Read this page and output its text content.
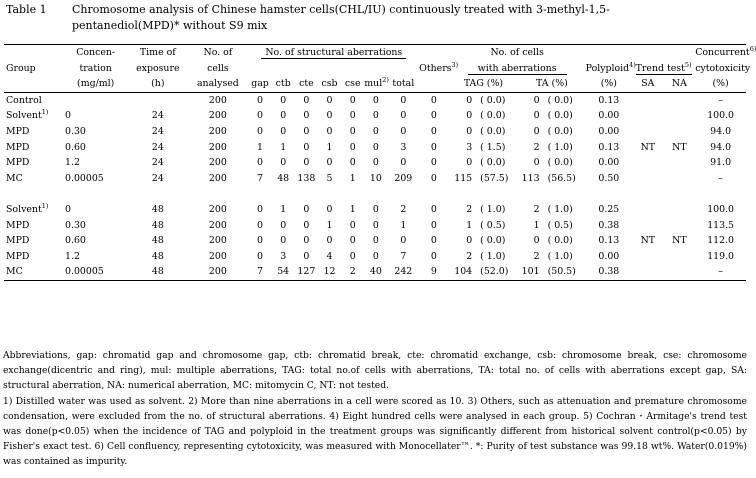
Table 1 Chromosome analysis of Chinese hamster cells(CHL/IU) continuously treated with 3-methyl-1,5-
pentanediol(MPD)* without S9 mix
	Concen-	Time of	No. of	No. of structural aberrations								No. of cells							Concurrent$^{6)}$
Group	tration	exposure	cells								Others$^{3)}$	with aberrations				Polyploid$^{4)}$	Trend test$^{5)}$		cytotoxicity
	(mg/ml)	(h)	analysed	gap	ctb	cte	csb	cse	mul$^{2)}$	total		TAG (%)		TA (%)		(%)	SA	NA	(%)
Control			200	0	0	0	0	0	0	0	0	0	( 0.0)	0	( 0.0)	0.13			–
Solvent$^{1)}$	0	24	200	0	0	0	0	0	0	0	0	0	( 0.0)	0	( 0.0)	0.00			100.0
MPD	0.30	24	200	0	0	0	0	0	0	0	0	0	( 0.0)	0	( 0.0)	0.00			94.0
MPD	0.60	24	200	1	1	0	1	0	0	3	0	3	( 1.5)	2	( 1.0)	0.13	NT	NT	94.0
MPD	1.2	24	200	0	0	0	0	0	0	0	0	0	( 0.0)	0	( 0.0)	0.00			91.0
MC	0.00005	24	200	7	48	138	5	1	10	209	0	115	(57.5)	113	(56.5)	0.50			–

Solvent$^{1)}$	0	48	200	0	1	0	0	1	0	2	0	2	( 1.0)	2	( 1.0)	0.25			100.0
MPD	0.30	48	200	0	0	0	1	0	0	1	0	1	( 0.5)	1	( 0.5)	0.38			113.5
MPD	0.60	48	200	0	0	0	0	0	0	0	0	0	( 0.0)	0	( 0.0)	0.13	NT	NT	112.0
MPD	1.2	48	200	0	3	0	4	0	0	7	0	2	( 1.0)	2	( 1.0)	0.00			119.0
MC	0.00005	48	200	7	54	127	12	2	40	242	9	104	(52.0)	101	(50.5)	0.38			–

Abbreviations, gap: chromatid gap and chromosome gap, ctb: chromatid break, cte: chromatid exchange, csb: chromosome break, cse: chromosome exchange(dicentric and ring), mul: multiple aberrations, TAG: total no.of cells with aberrations, TA: total no. of cells with aberrations except gap, SA: structural aberration, NA: numerical aberration, MC: mitomycin C, NT: not tested.

1) Distilled water was used as solvent. 2) More than nine aberrations in a cell were scored as 10. 3) Others, such as attenuation and premature chromosome condensation, were excluded from the no. of structural aberrations. 4) Eight hundred cells were analysed in each group. 5) Cochran・Armitage's trend test was done(p<0.05) when the incidence of TAG and polyploid in the treatment groups was significantly different from historical solvent control(p<0.05) by Fisher's exact test. 6) Cell confluency, representing cytotoxicity, was measured with Monocellater™. *: Purity of test substance was 99.18 wt%. Water(0.019%) was contained as impurity.
